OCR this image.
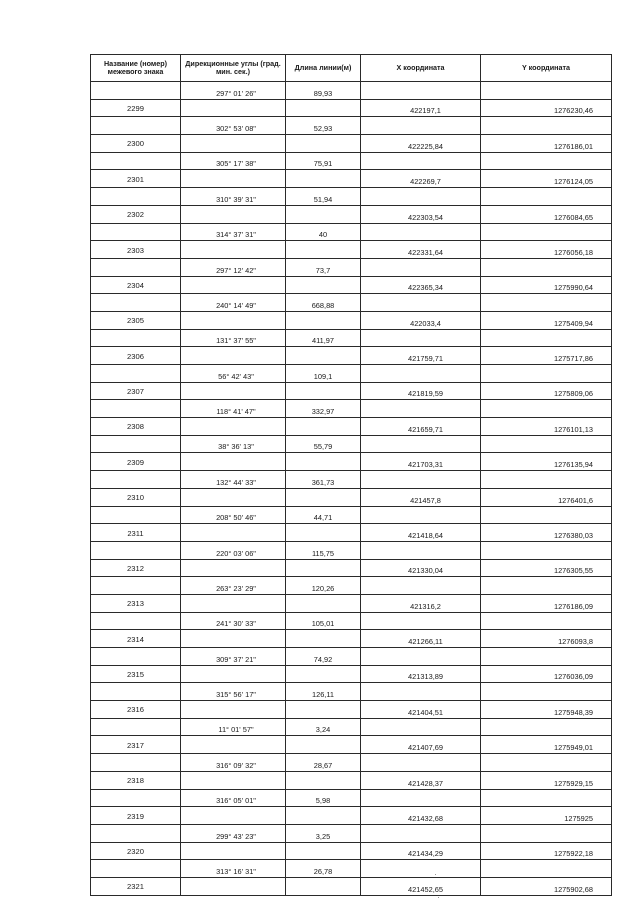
Название (номер) межевого знака	Дирекционные углы (град. мин. сек.)	Длина линии(м)	X координата	Y координата
	297° 01' 26"	89,93		
2299			422197,1	1276230,46
	302° 53' 08"	52,93		
2300			422225,84	1276186,01
	305° 17' 38"	75,91		
2301			422269,7	1276124,05
	310° 39' 31"	51,94		
2302			422303,54	1276084,65
	314° 37' 31"	40		
2303			422331,64	1276056,18
	297° 12' 42"	73,7		
2304			422365,34	1275990,64
	240° 14' 49"	668,88		
2305			422033,4	1275409,94
	131° 37' 55"	411,97		
2306			421759,71	1275717,86
	56° 42' 43"	109,1		
2307			421819,59	1275809,06
	118° 41' 47"	332,97		
2308			421659,71	1276101,13
	38° 36' 13"	55,79		
2309			421703,31	1276135,94
	132° 44' 33"	361,73		
2310			421457,8	1276401,6
	208° 50' 46"	44,71		
2311			421418,64	1276380,03
	220° 03' 06"	115,75		
2312			421330,04	1276305,55
	263° 23' 29"	120,26		
2313			421316,2	1276186,09
	241° 30' 33"	105,01		
2314			421266,11	1276093,8
	309° 37' 21"	74,92		
2315			421313,89	1276036,09
	315° 56' 17"	126,11		
2316			421404,51	1275948,39
	11° 01' 57"	3,24		
2317			421407,69	1275949,01
	316° 09' 32"	28,67		
2318			421428,37	1275929,15
	316° 05' 01"	5,98		
2319			421432,68	1275925
	299° 43' 23"	3,25		
2320			421434,29	1275922,18
	313° 16' 31"	26,78		
2321			421452,65	1275902,68
